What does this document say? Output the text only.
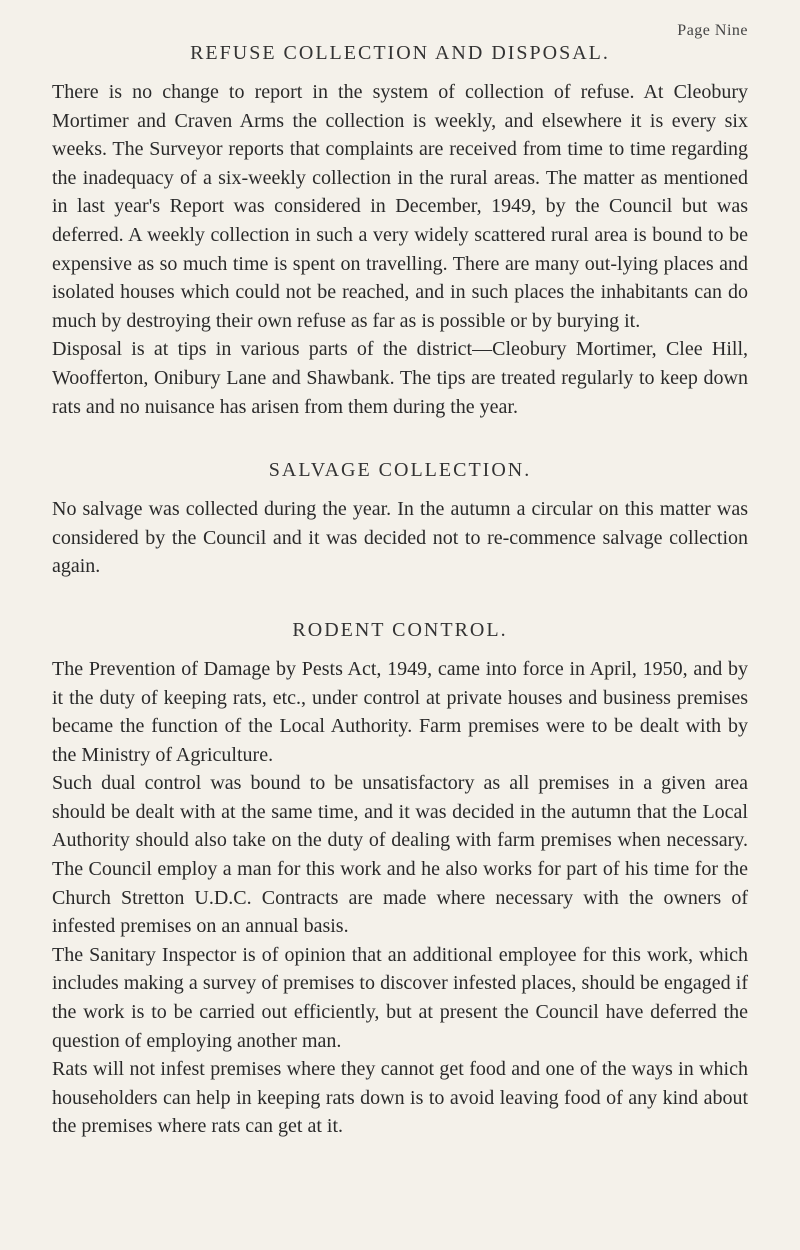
Page Nine
REFUSE COLLECTION AND DISPOSAL.

There is no change to report in the system of collection of refuse. At Cleobury Mortimer and Craven Arms the collection is weekly, and elsewhere it is every six weeks. The Surveyor reports that complaints are received from time to time regarding the inadequacy of a six-weekly collection in the rural areas. The matter as mentioned in last year's Report was considered in December, 1949, by the Council but was deferred. A weekly collection in such a very widely scattered rural area is bound to be expensive as so much time is spent on travelling. There are many out-lying places and isolated houses which could not be reached, and in such places the inhabitants can do much by destroying their own refuse as far as is possible or by burying it.

Disposal is at tips in various parts of the district—Cleobury Mortimer, Clee Hill, Woofferton, Onibury Lane and Shawbank. The tips are treated regularly to keep down rats and no nuisance has arisen from them during the year.

SALVAGE COLLECTION.

No salvage was collected during the year. In the autumn a circular on this matter was considered by the Council and it was decided not to re-commence salvage collection again.

RODENT CONTROL.

The Prevention of Damage by Pests Act, 1949, came into force in April, 1950, and by it the duty of keeping rats, etc., under control at private houses and business premises became the function of the Local Authority. Farm premises were to be dealt with by the Ministry of Agriculture.

Such dual control was bound to be unsatisfactory as all premises in a given area should be dealt with at the same time, and it was decided in the autumn that the Local Authority should also take on the duty of dealing with farm premises when necessary. The Council employ a man for this work and he also works for part of his time for the Church Stretton U.D.C. Contracts are made where necessary with the owners of infested premises on an annual basis.

The Sanitary Inspector is of opinion that an additional employee for this work, which includes making a survey of premises to discover infested places, should be engaged if the work is to be carried out efficiently, but at present the Council have deferred the question of employing another man.

Rats will not infest premises where they cannot get food and one of the ways in which householders can help in keeping rats down is to avoid leaving food of any kind about the premises where rats can get at it.
